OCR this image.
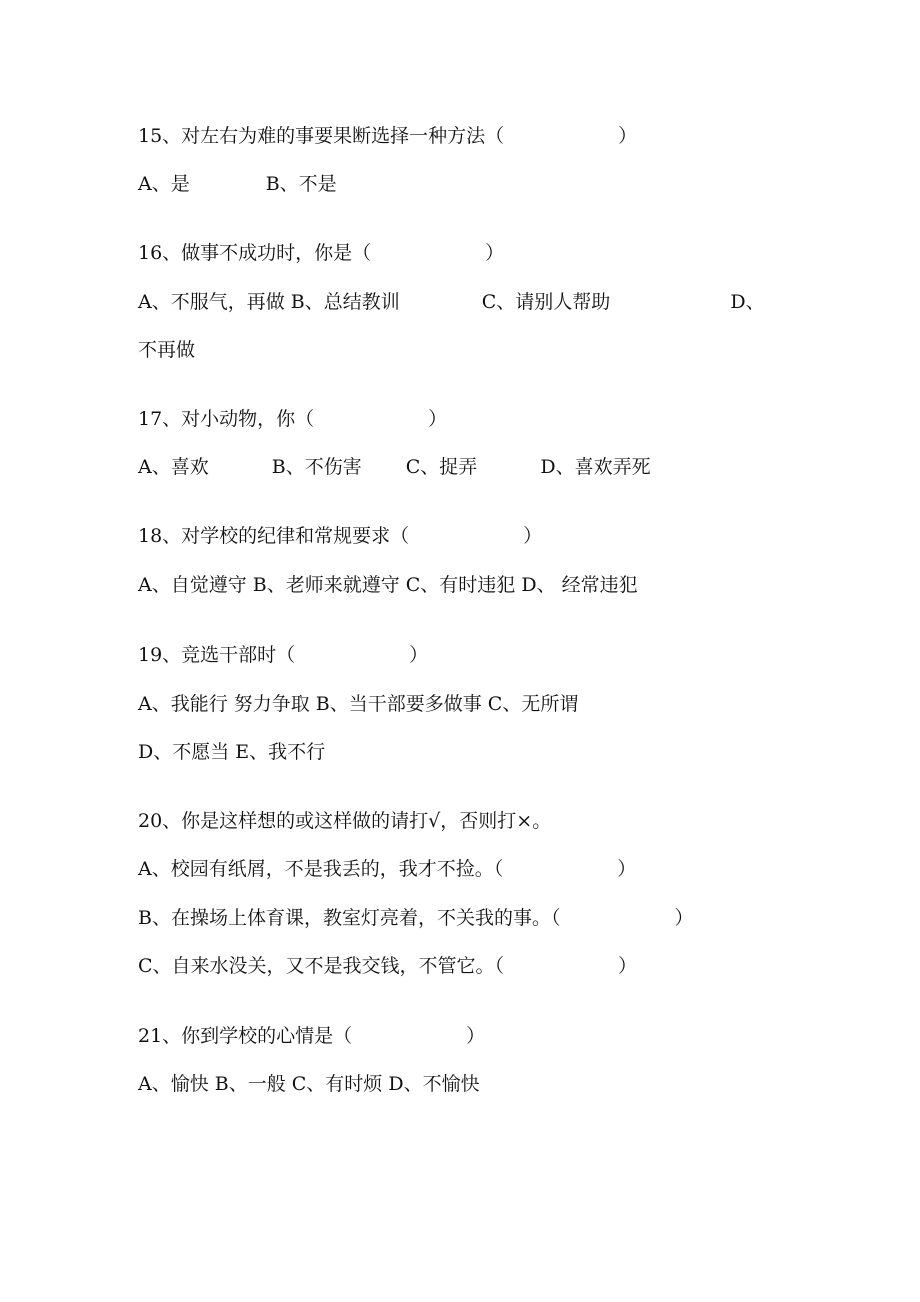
15、对左右为难的事要果断选择一种方法（　　　　　　）
A、是　　　　B、不是
16、做事不成功时，你是（　　　　　　）
A、不服气，再做 B、总结教训　　　　 C、请别人帮助　　　　　　 D、
不再做
17、对小动物，你（　　　　　　）
A、喜欢　　　 B、不伤害　　 C、捉弄　　　 D、喜欢弄死
18、对学校的纪律和常规要求（　　　　　　）
A、自觉遵守 B、老师来就遵守 C、有时违犯 D、 经常违犯
19、竞选干部时（　　　　　　）
A、我能行 努力争取 B、当干部要多做事 C、无所谓
D、不愿当 E、我不行
20、你是这样想的或这样做的请打√，否则打×。
A、校园有纸屑，不是我丢的，我才不捡。（　　　　　　）
B、在操场上体育课，教室灯亮着，不关我的事。（　　　　　　）
C、自来水没关，又不是我交钱，不管它。（　　　　　　）
21、你到学校的心情是（　　　　　　）
A、愉快 B、一般 C、有时烦 D、不愉快
